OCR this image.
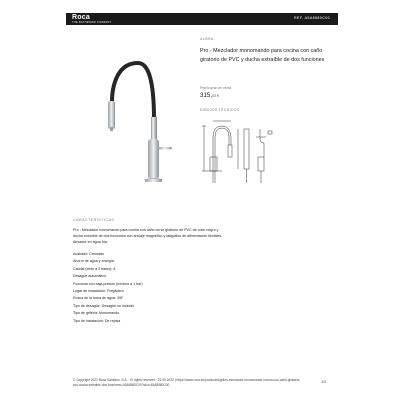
Roca
THE BATHROOM COMPANY
REF. A5A8580C00
ALBRA
Pro - Mezclador monomando para cocina con caño giratorio de PVC y ducha extraíble de dos funciones
Precio gran de venta
315,00 €
DIBUJOS TÉCNICOS
CARACTERÍSTICAS
Pro - Mezclador monomando para cocina con caño curvo giratorio de PVC de color negro y ducha extraíble de dos funciones con anclaje magnético y latiguillos de alimentación flexibles. Aireador en agua fría.
Acabado: Cromado
Ahorro de agua y energía
Caudal (l/min a 3 bares): 8
Desagüe automático
Funciona con baja presión (mínimo a 1 bar)
Lugar de instalación: Fregadero
Rosca de la toma de agua: 3/8"
Tipo de desagüe: Desagüe no incluido
Tipo de grifería: Monomando
Tipo de instalación: De repisa
© Copyright 2022 Roca Sanitario, S.A. · El rights reserved · 22.09.2022 | https://www.roca.es/productos/grifos-mezclador-monomando-cocina-con-caño-giratorio-pvc-ducha-extraible-dos-funciones-A5A8580C00?sku=A5A8580C00
1/2
